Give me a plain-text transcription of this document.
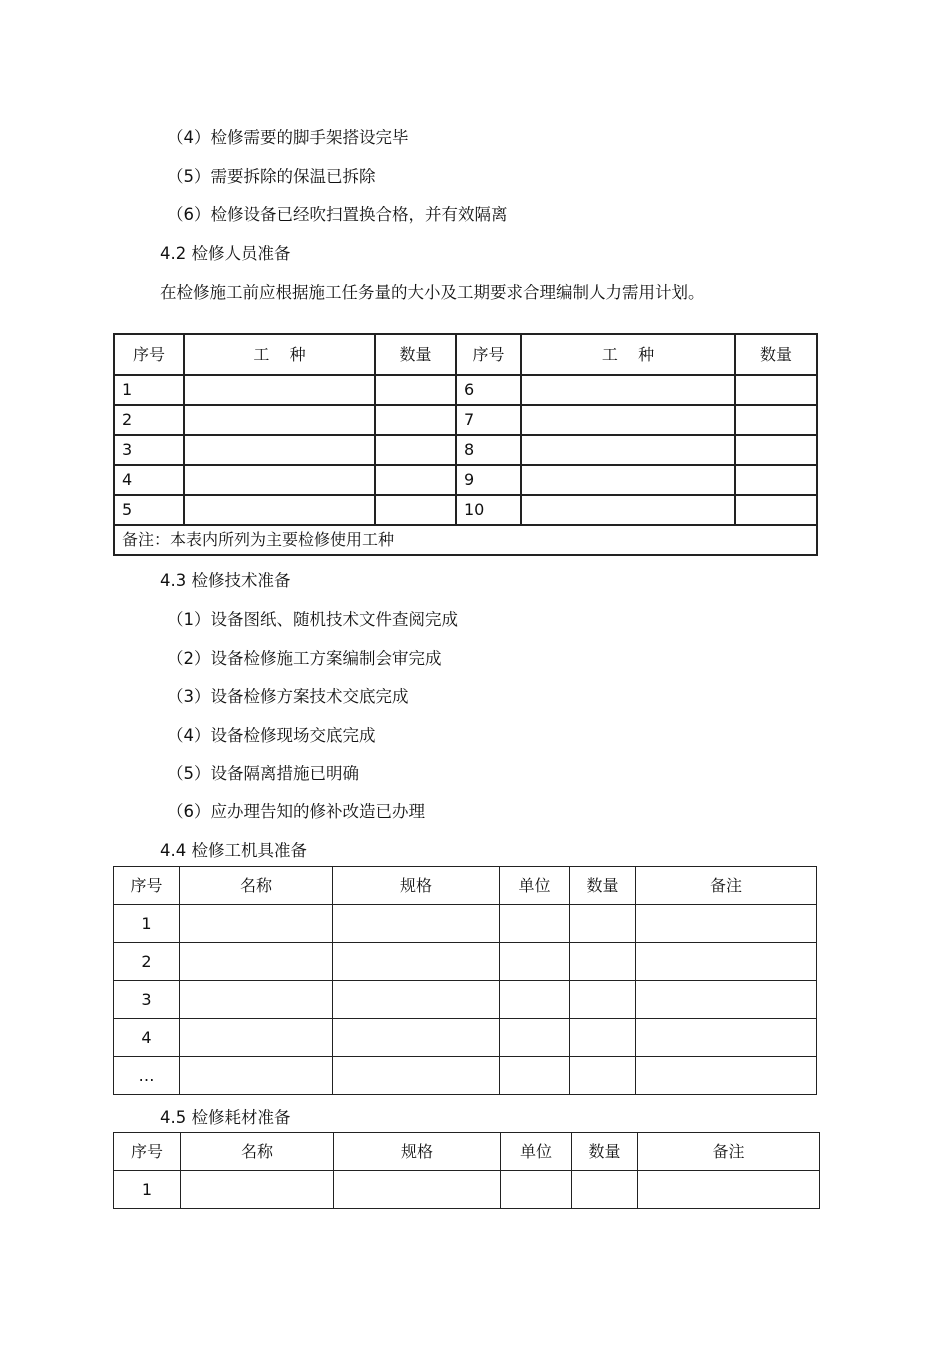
（4）检修需要的脚手架搭设完毕
（5）需要拆除的保温已拆除
（6）检修设备已经吹扫置换合格，并有效隔离
4.2 检修人员准备
在检修施工前应根据施工任务量的大小及工期要求合理编制人力需用计划。
序号	工    种	数量	序号	工    种	数量
1			6		
2			7		
3			8		
4			9		
5			10		
备注：本表内所列为主要检修使用工种					
4.3 检修技术准备
（1）设备图纸、随机技术文件查阅完成
（2）设备检修施工方案编制会审完成
（3）设备检修方案技术交底完成
（4）设备检修现场交底完成
（5）设备隔离措施已明确
（6）应办理告知的修补改造已办理
4.4 检修工机具准备
序号	名称	规格	单位	数量	备注
1					
2					
3					
4					
…					
4.5 检修耗材准备
序号	名称	规格	单位	数量	备注
1					
